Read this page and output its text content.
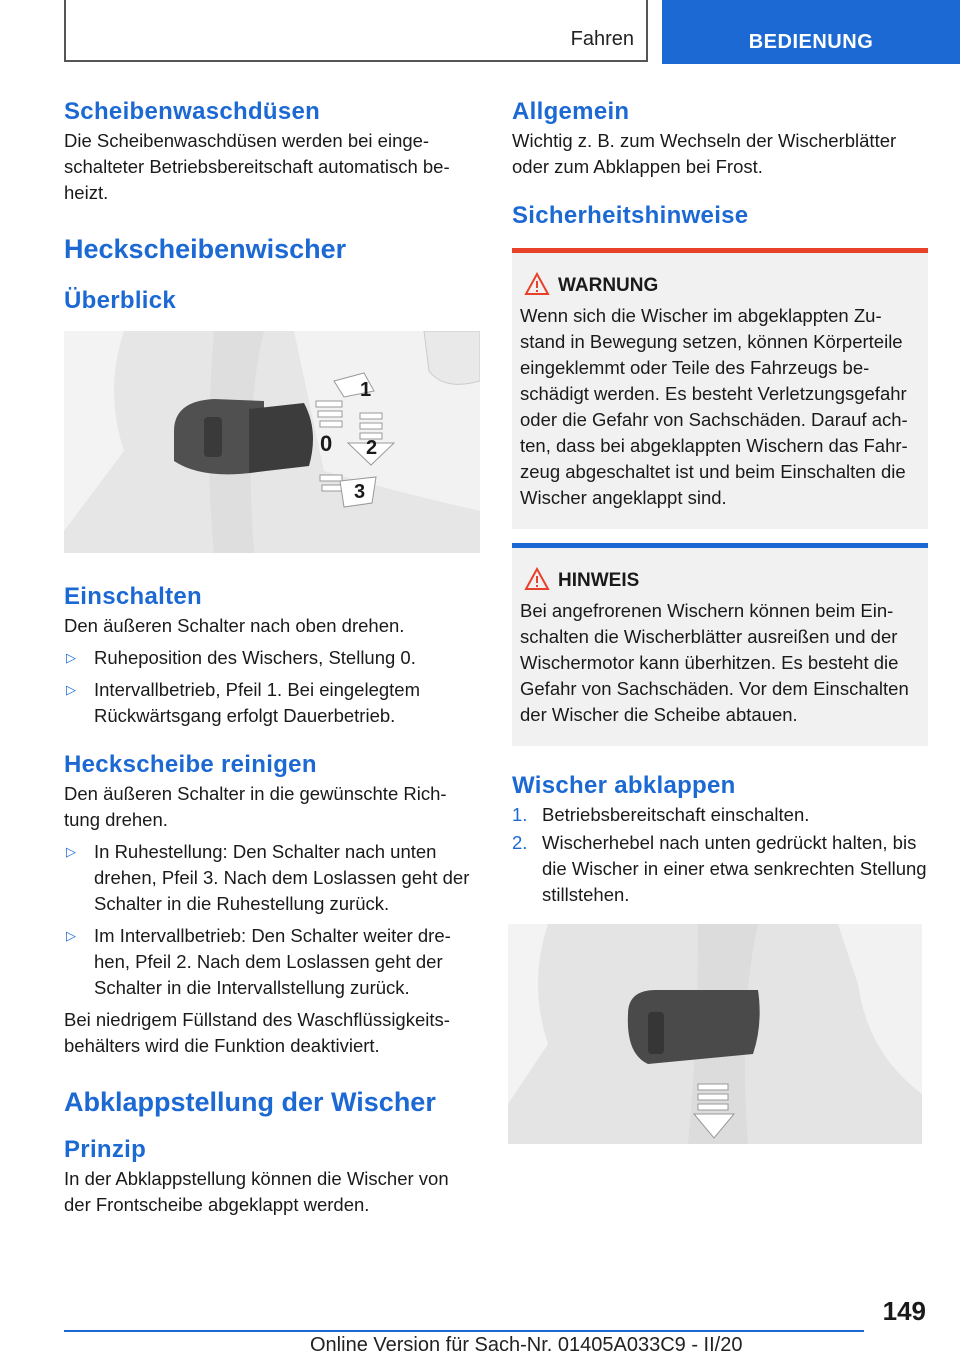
Fahren	BEDIENUNG
Scheibenwaschdüsen

Die Scheibenwaschdüsen werden bei einge-schalteter Betriebsbereitschaft automatisch be-heizt.

Heckscheibenwischer
Überblick
1
0 2
3
Einschalten

Den äußeren Schalter nach oben drehen.

▷ Ruheposition des Wischers, Stellung 0.
▷ Intervallbetrieb, Pfeil 1. Bei eingelegtem Rückwärtsgang erfolgt Dauerbetrieb.
Heckscheibe reinigen

Den äußeren Schalter in die gewünschte Rich-tung drehen.

▷ In Ruhestellung: Den Schalter nach unten drehen, Pfeil 3. Nach dem Loslassen geht der Schalter in die Ruhestellung zurück.
▷ Im Intervallbetrieb: Den Schalter weiter dre-hen, Pfeil 2. Nach dem Loslassen geht der Schalter in die Intervallstellung zurück.

Bei niedrigem Füllstand des Waschflüssigkeits-behälters wird die Funktion deaktiviert.

Abklappstellung der Wischer
Prinzip

In der Abklappstellung können die Wischer von der Frontscheibe abgeklappt werden.

Allgemein

Wichtig z. B. zum Wechseln der Wischerblätter oder zum Abklappen bei Frost.

Sicherheitshinweise
WARNUNG

Wenn sich die Wischer im abgeklappten Zu-stand in Bewegung setzen, können Körperteile eingeklemmt oder Teile des Fahrzeugs be-schädigt werden. Es besteht Verletzungsgefahr oder die Gefahr von Sachschäden. Darauf ach-ten, dass bei abgeklappten Wischern das Fahr-zeug abgeschaltet ist und beim Einschalten die Wischer angeklappt sind.

HINWEIS

Bei angefrorenen Wischern können beim Ein-schalten die Wischerblätter ausreißen und der Wischermotor kann überhitzen. Es besteht die Gefahr von Sachschäden. Vor dem Einschalten der Wischer die Scheibe abtauen.

Wischer abklappen
1. Betriebsbereitschaft einschalten.
2. Wischerhebel nach unten gedrückt halten, bis die Wischer in einer etwa senkrechten Stellung stillstehen.
149
Online Version für Sach-Nr. 01405A033C9 - II/20
